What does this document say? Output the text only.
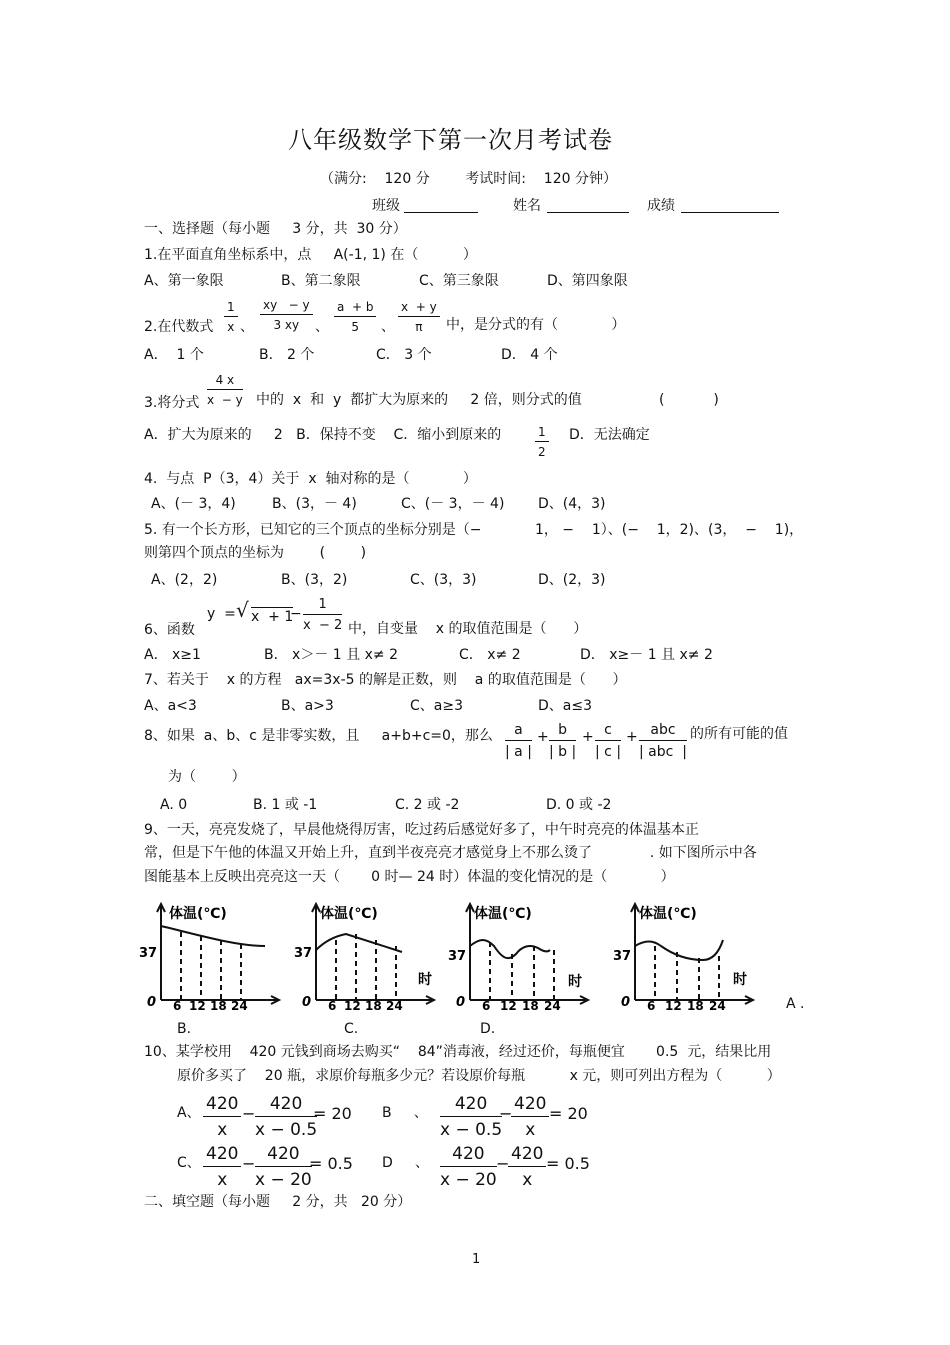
八年级数学下第一次月考试卷
（满分:    120 分        考试时间:    120 分钟）
班级	姓名	成绩
一、选择题（每小题     3 分，共  30 分）
1.在平面直角坐标系中，点     A(-1, 1) 在（          ）
A、第一象限	B、第二象限	C、第三象限	D、第四象限
2.在代数式 $\frac{1}{x}$ 、 $\frac{xy - y}{3 xy}$ 、 $\frac{a + b}{5}$ 、 $\frac{x + y}{\pi}$ 中，是分式的有（            ）
A．  1 个	B． 2 个	C． 3 个	D． 4 个
3.将分式 $\frac{4 x}{x - y}$ 中的  x  和  y  都扩大为原来的     2 倍，则分式的值	(           )
A．扩大为原来的     2   B．保持不变    C．缩小到原来的	$\frac{1}{2}$ D．无法确定
4.  与点  P（3，4）关于  x  轴对称的是（            ）
A、(－ 3，4)	B、(3，－ 4)	C、(－ 3，－ 4) D、(4，3)
5. 有一个长方形，已知它的三个顶点的坐标分别是（−            1， −    1）、(−    1，2)、(3，  −    1)，
则第四个顶点的坐标为        (        )
A、(2，2)	B、(3，2)	C、(3，3)	D、(2，3)
y  = √ x  + 1
− $\frac{1}{x - 2}$
6、函数	中，自变量    x 的取值范围是（      ）
A． x≥1	B． x＞－ 1 且 x≠ 2	C． x≠ 2	D． x≥－ 1 且 x≠ 2
7、若关于    x 的方程   ax=3x-5 的解是正数，则    a 的取值范围是（      ）
A、a<3	B、a>3	C、a≥3	D、a≤3
8、如果  a、b、c 是非零实数，且     a+b+c=0，那么 $\frac{a}{| a |} + \frac{b}{| b |} + \frac{c}{| c |}$ + abc
| abc  |
的所有可能的值
为（        ）
A. 0	B. 1 或 -1	C. 2 或 -2	D. 0 或 -2
9、一天，亮亮发烧了，早晨他烧得厉害，吃过药后感觉好多了，中午时亮亮的体温基本正
常，但是下午他的体温又开始上升，直到半夜亮亮才感觉身上不那么烫了             . 如下图所示中各
图能基本上反映出亮亮这一天（       0 时— 24 时）体温的变化情况的是（            ）
体温(℃)
37
0 6 12 18 24
体温(℃)
37
0 6 12 18 24
时
体温(℃)
37
0 6 12 18 24
时
体温(℃)
37
0 6 12 18 24
时
A .
B.	C.	D.
10、某学校用    420 元钱到商场去购买“    84”消毒液，经过还价，每瓶便宜       0.5  元，结果比用
原价多买了    20 瓶，求原价每瓶多少元？若设原价每瓶          x 元，则可列出方程为（          ）
A、 $\frac{420}{x} - \frac{420}{x - 0.5}$
= 20 B     、 $\frac{420}{x - 0.5}$
−
$\frac{420}{x} = 20$
C、 $\frac{420}{x} - \frac{420}{x - 20}$
= 0.5 D     、 $\frac{420}{x - 20}$ −
$\frac{420}{x} = 0.5$
二、填空题（每小题     2 分，共   20 分）
1
